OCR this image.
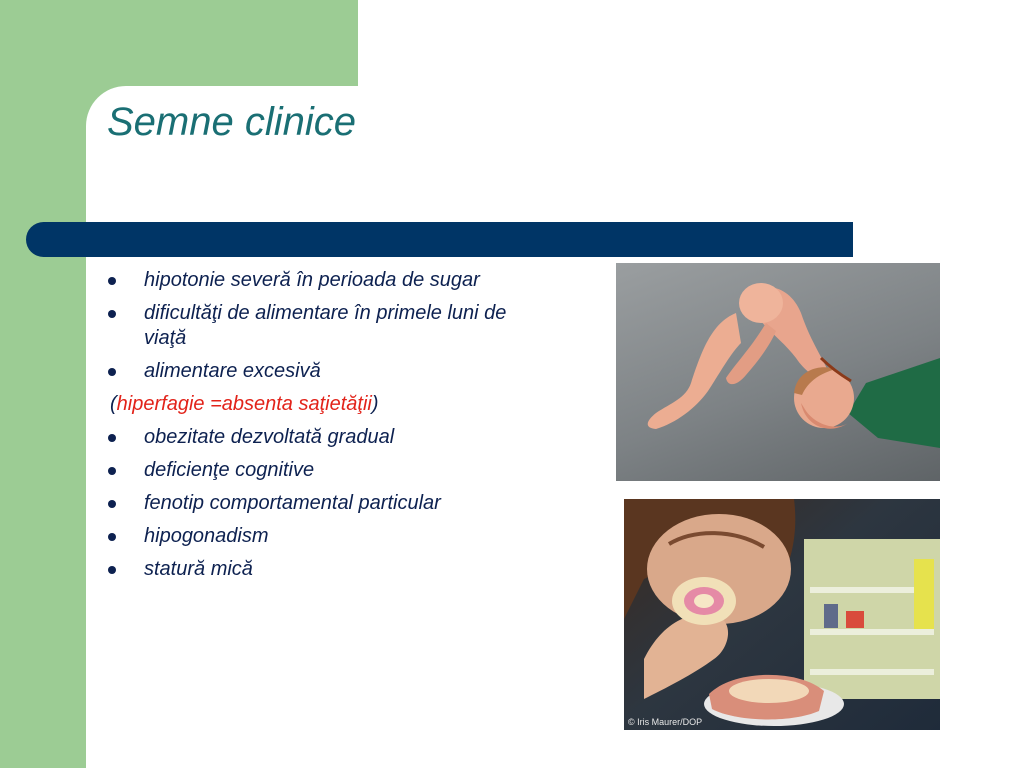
Semne clinice
hipotonie severă în perioada de sugar
dificultăţi de alimentare în primele luni de viaţă
alimentare excesivă
(hiperfagie =absenta saţietăţii)
obezitate dezvoltată gradual
deficienţe cognitive
fenotip comportamental particular
hipogonadism
statură mică
© Iris Maurer/DOP
